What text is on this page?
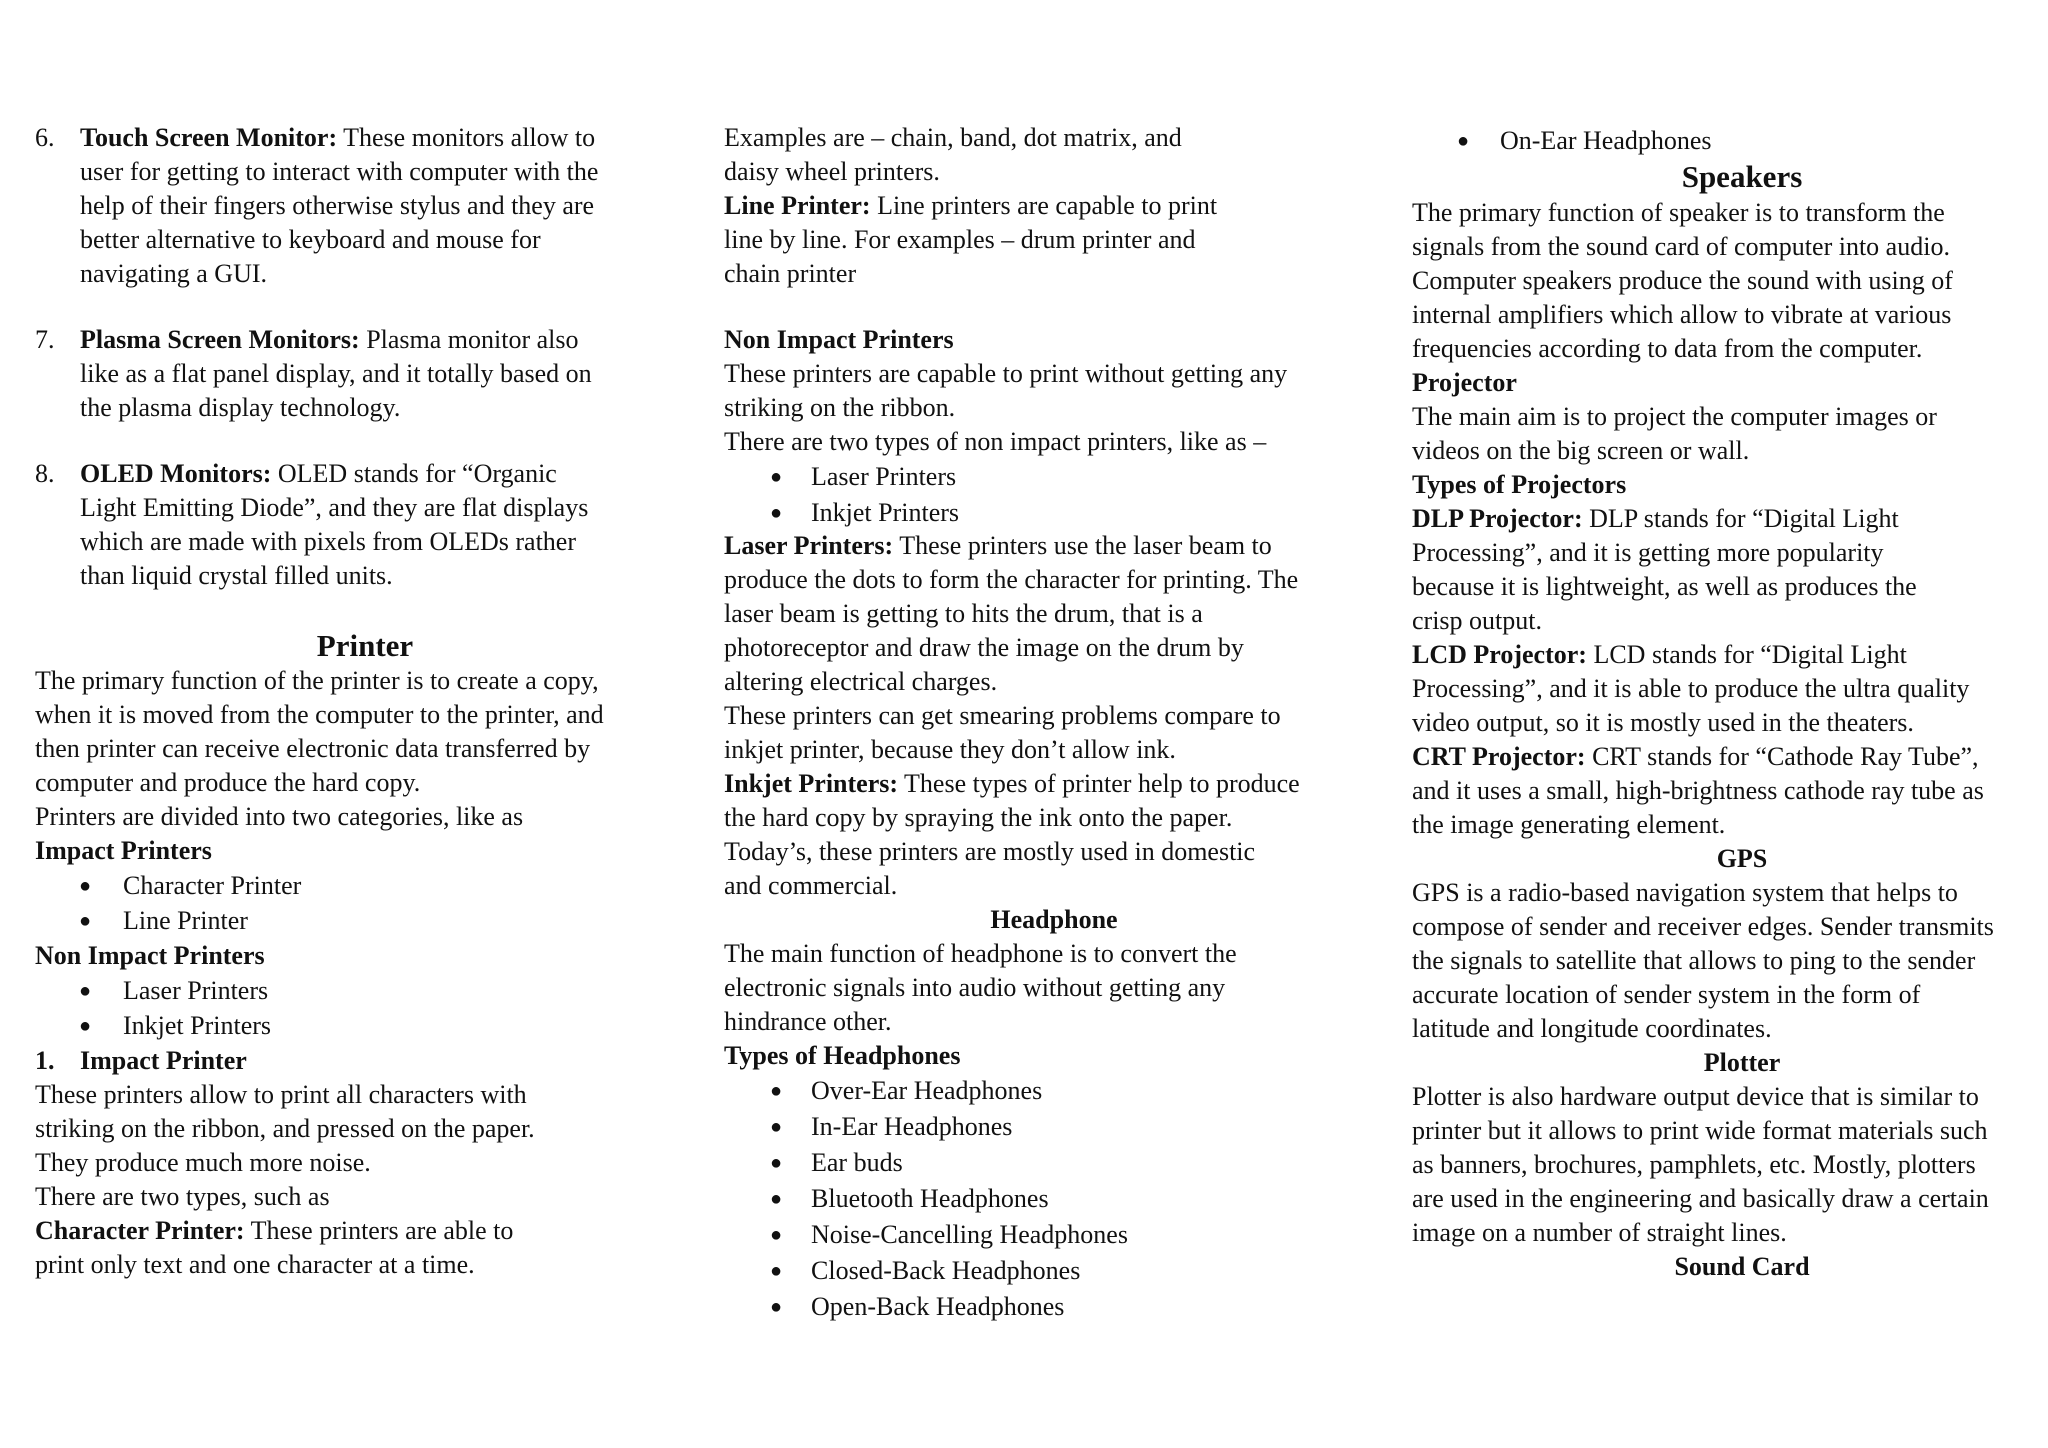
6. Touch Screen Monitor: These monitors allow to
user for getting to interact with computer with the
help of their fingers otherwise stylus and they are
better alternative to keyboard and mouse for
navigating a GUI.
7. Plasma Screen Monitors: Plasma monitor also
like as a flat panel display, and it totally based on
the plasma display technology.
8. OLED Monitors: OLED stands for “Organic
Light Emitting Diode”, and they are flat displays
which are made with pixels from OLEDs rather
than liquid crystal filled units.
Printer
The primary function of the printer is to create a copy,
when it is moved from the computer to the printer, and
then printer can receive electronic data transferred by
computer and produce the hard copy.
Printers are divided into two categories, like as
Impact Printers
● Character Printer
● Line Printer
Non Impact Printers
● Laser Printers
● Inkjet Printers
1. Impact Printer
These printers allow to print all characters with
striking on the ribbon, and pressed on the paper.
They produce much more noise.
There are two types, such as
Character Printer: These printers are able to
print only text and one character at a time.
Examples are – chain, band, dot matrix, and
daisy wheel printers.
Line Printer: Line printers are capable to print
line by line. For examples – drum printer and
chain printer
Non Impact Printers
These printers are capable to print without getting any
striking on the ribbon.
There are two types of non impact printers, like as –
● Laser Printers
● Inkjet Printers
Laser Printers: These printers use the laser beam to
produce the dots to form the character for printing. The
laser beam is getting to hits the drum, that is a
photoreceptor and draw the image on the drum by
altering electrical charges.
These printers can get smearing problems compare to
inkjet printer, because they don’t allow ink.
Inkjet Printers: These types of printer help to produce
the hard copy by spraying the ink onto the paper.
Today’s, these printers are mostly used in domestic
and commercial.
Headphone
The main function of headphone is to convert the
electronic signals into audio without getting any
hindrance other.
Types of Headphones
● Over-Ear Headphones
● In-Ear Headphones
● Ear buds
● Bluetooth Headphones
● Noise-Cancelling Headphones
● Closed-Back Headphones
● Open-Back Headphones
● On-Ear Headphones
Speakers
The primary function of speaker is to transform the
signals from the sound card of computer into audio.
Computer speakers produce the sound with using of
internal amplifiers which allow to vibrate at various
frequencies according to data from the computer.
Projector
The main aim is to project the computer images or
videos on the big screen or wall.
Types of Projectors
DLP Projector: DLP stands for “Digital Light
Processing”, and it is getting more popularity
because it is lightweight, as well as produces the
crisp output.
LCD Projector: LCD stands for “Digital Light
Processing”, and it is able to produce the ultra quality
video output, so it is mostly used in the theaters.
CRT Projector: CRT stands for “Cathode Ray Tube”,
and it uses a small, high-brightness cathode ray tube as
the image generating element.
GPS
GPS is a radio-based navigation system that helps to
compose of sender and receiver edges. Sender transmits
the signals to satellite that allows to ping to the sender
accurate location of sender system in the form of
latitude and longitude coordinates.
Plotter
Plotter is also hardware output device that is similar to
printer but it allows to print wide format materials such
as banners, brochures, pamphlets, etc. Mostly, plotters
are used in the engineering and basically draw a certain
image on a number of straight lines.
Sound Card
